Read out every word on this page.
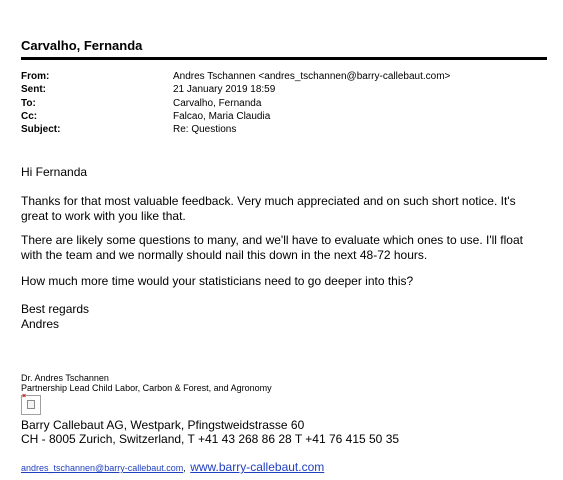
Carvalho, Fernanda
From:	Andres Tschannen <andres_tschannen@barry-callebaut.com>
Sent:	21 January 2019 18:59
To:	Carvalho, Fernanda
Cc:	Falcao, Maria Claudia
Subject:	Re: Questions
Hi Fernanda
Thanks for that most valuable feedback. Very much appreciated and on such short notice. It's
great to work with you like that.
There are likely some questions to many, and we'll have to evaluate which ones to use. I'll float
with the team and we normally should nail this down in the next 48-72 hours.
How much more time would your statisticians need to go deeper into this?
Best regards
Andres
Dr. Andres Tschannen
Partnership Lead Child Labor, Carbon & Forest, and Agronomy
×
Barry Callebaut AG, Westpark, Pfingstweidstrasse 60
CH - 8005 Zurich, Switzerland, T +41 43 268 86 28 T +41 76 415 50 35
andres_tschannen@barry-callebaut.com, www.barry-callebaut.com
